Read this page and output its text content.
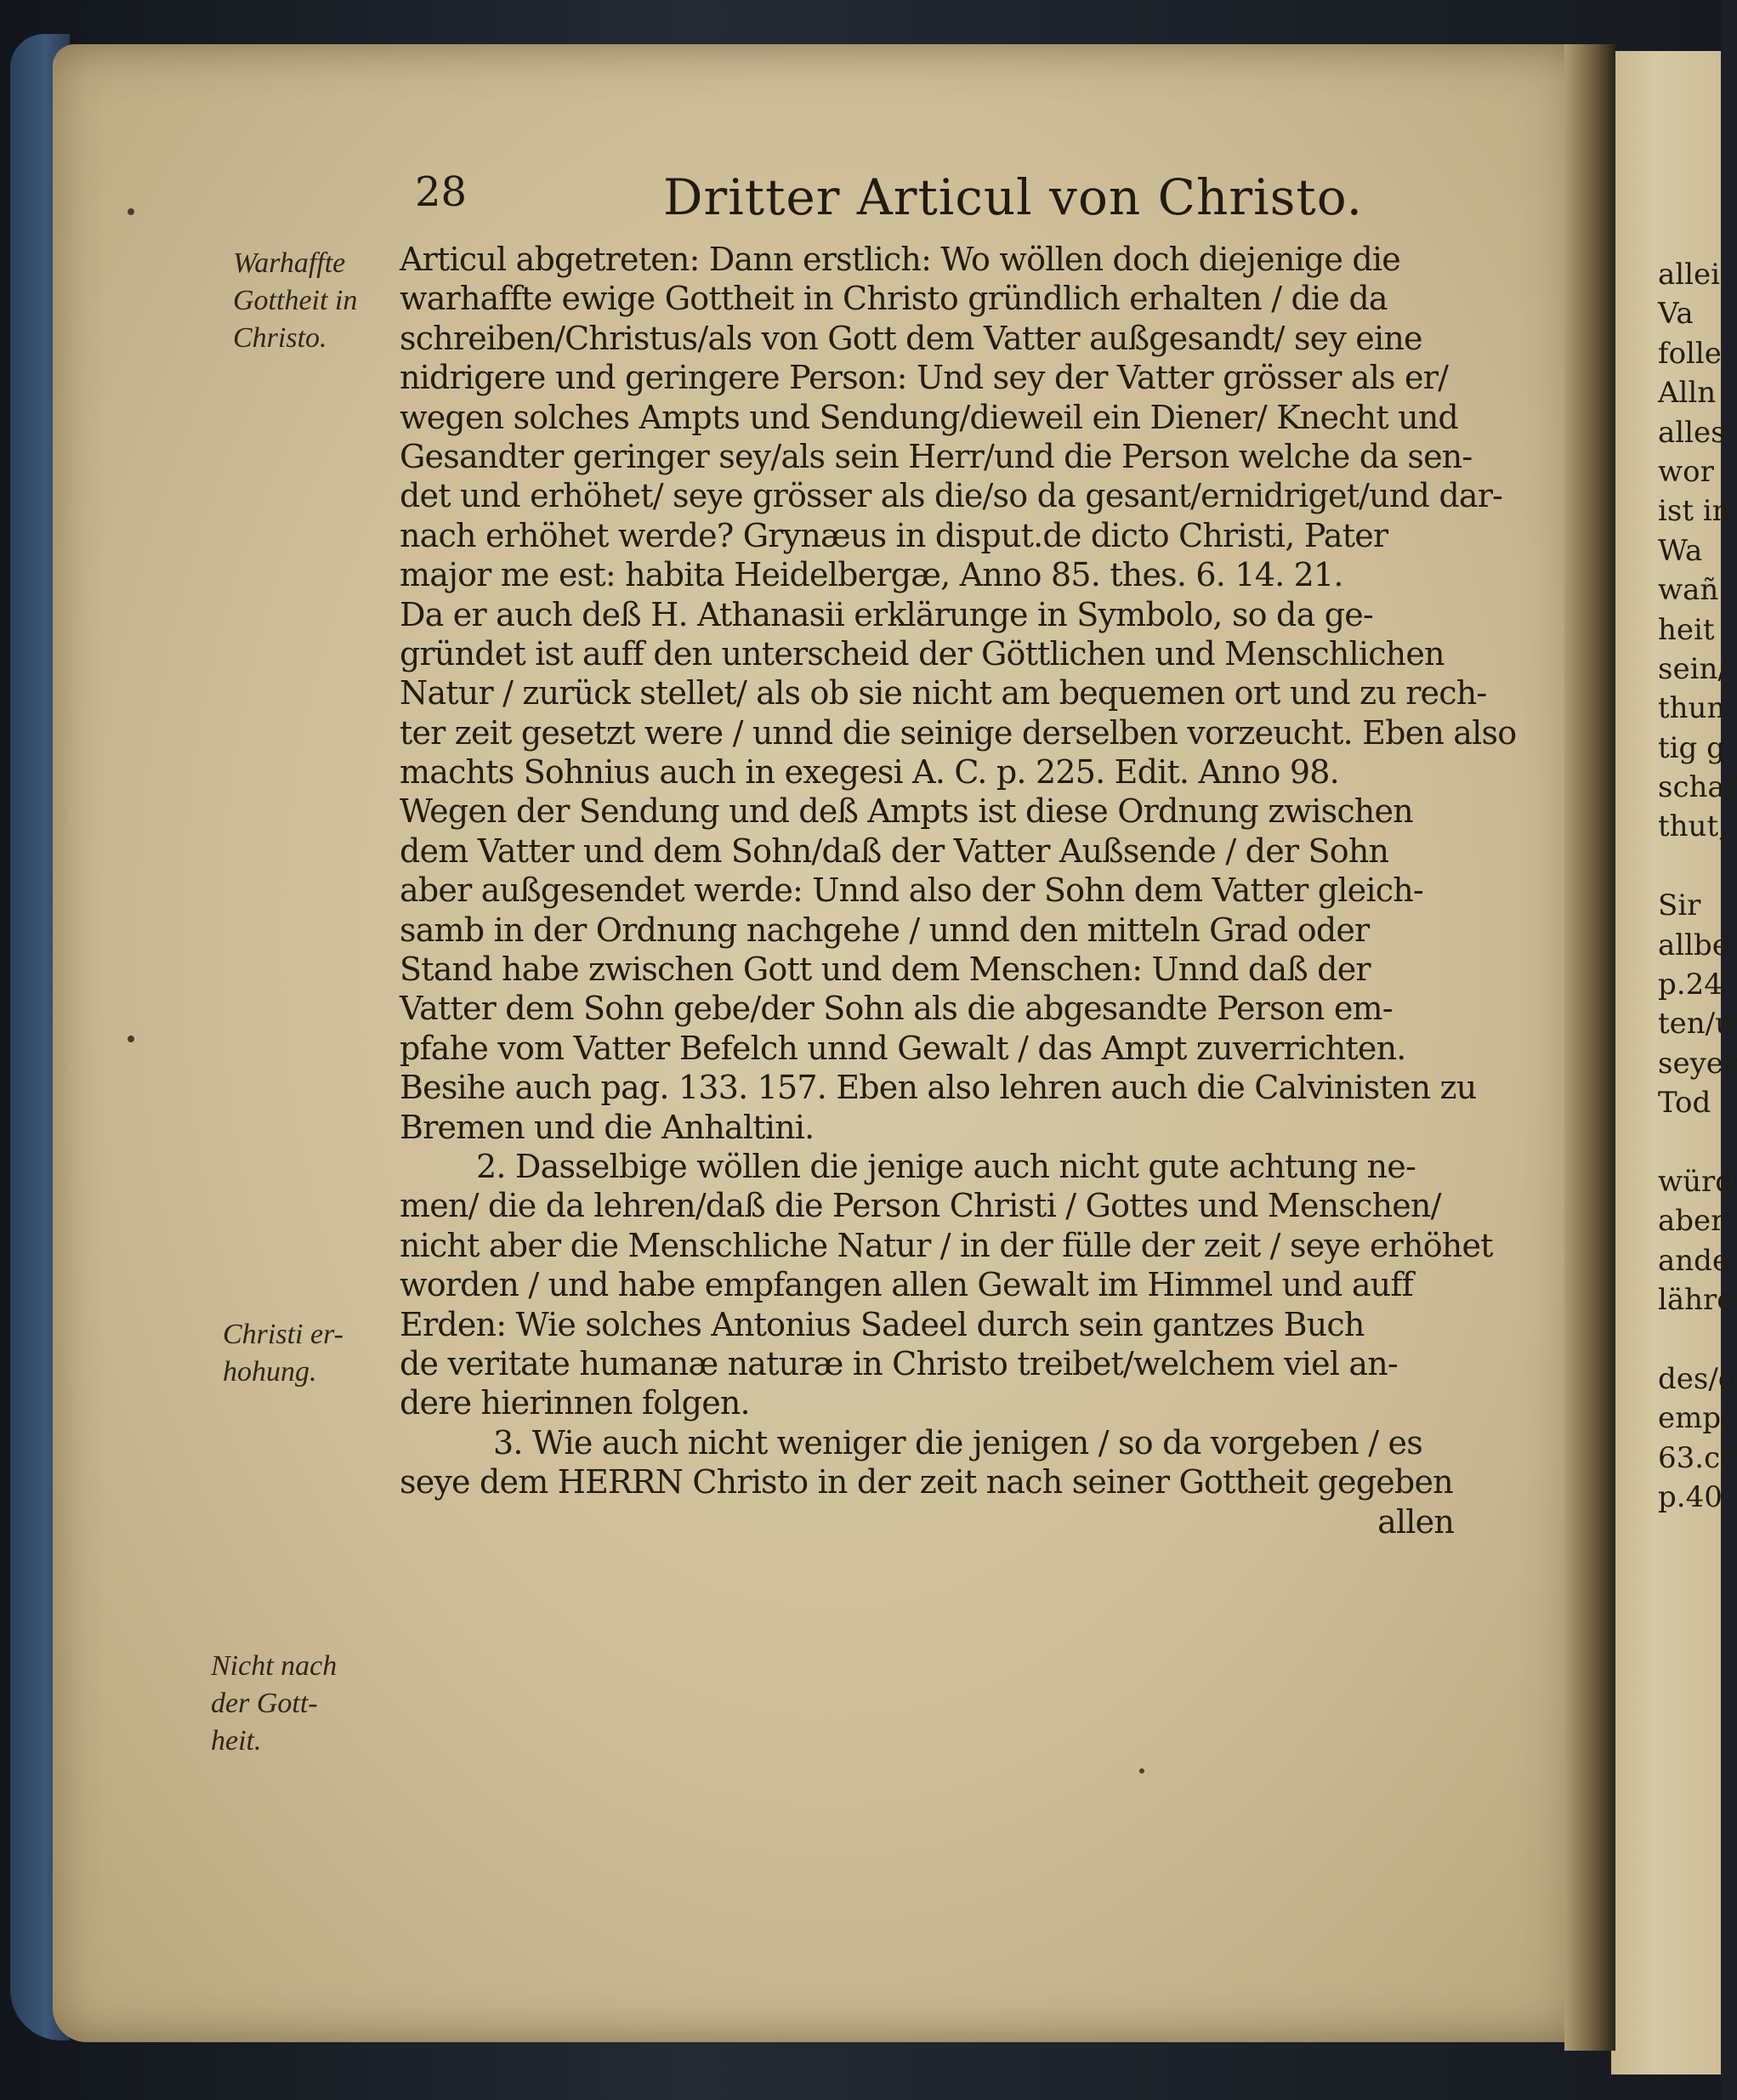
28	Dritter Articul von Christo.
Warhaffte
Gottheit in
Christo.
Christi er-
hohung.
Nicht nach
der Gott-
heit.
Articul abgetreten: Dann erstlich: Wo wöllen doch diejenige die
warhaffte ewige Gottheit in Christo gründlich erhalten / die da
schreiben/Christus/als von Gott dem Vatter außgesandt/ sey eine
nidrigere und geringere Person: Und sey der Vatter grösser als er/
wegen solches Ampts und Sendung/dieweil ein Diener/ Knecht und
Gesandter geringer sey/als sein Herr/und die Person welche da sen-
det und erhöhet/ seye grösser als die/so da gesant/ernidriget/und dar-
nach erhöhet werde? Grynæus in disput.de dicto Christi, Pater
major me est: habita Heidelbergæ, Anno 85. thes. 6. 14. 21.
Da er auch deß H. Athanasii erklärunge in Symbolo, so da ge-
gründet ist auff den unterscheid der Göttlichen und Menschlichen
Natur / zurück stellet/ als ob sie nicht am bequemen ort und zu rech-
ter zeit gesetzt were / unnd die seinige derselben vorzeucht. Eben also
machts Sohnius auch in exegesi A. C. p. 225. Edit. Anno 98.
Wegen der Sendung und deß Ampts ist diese Ordnung zwischen
dem Vatter und dem Sohn/daß der Vatter Außsende / der Sohn
aber außgesendet werde: Unnd also der Sohn dem Vatter gleich-
samb in der Ordnung nachgehe / unnd den mitteln Grad oder
Stand habe zwischen Gott und dem Menschen: Unnd daß der
Vatter dem Sohn gebe/der Sohn als die abgesandte Person em-
pfahe vom Vatter Befelch unnd Gewalt / das Ampt zuverrichten.
Besihe auch pag. 133. 157. Eben also lehren auch die Calvinisten zu
Bremen und die Anhaltini.
2. Dasselbige wöllen die jenige auch nicht gute achtung ne-
men/ die da lehren/daß die Person Christi / Gottes und Menschen/
nicht aber die Menschliche Natur / in der fülle der zeit / seye erhöhet
worden / und habe empfangen allen Gewalt im Himmel und auff
Erden: Wie solches Antonius Sadeel durch sein gantzes Buch
de veritate humanæ naturæ in Christo treibet/welchem viel an-
dere hierinnen folgen.
3. Wie auch nicht weniger die jenigen / so da vorgeben / es
seye dem HERRN Christo in der zeit nach seiner Gottheit gegeben
allen
allei
Va
folle
Alln
alles
wor
ist in
Wa
wañ
heit
sein/
thun
tig g
schaf
thut,
Sir
allbe
p.24
ten/u
seyer
Tod
würd
aber
ande
lähre
des/o
empf
63.cc
p.40
